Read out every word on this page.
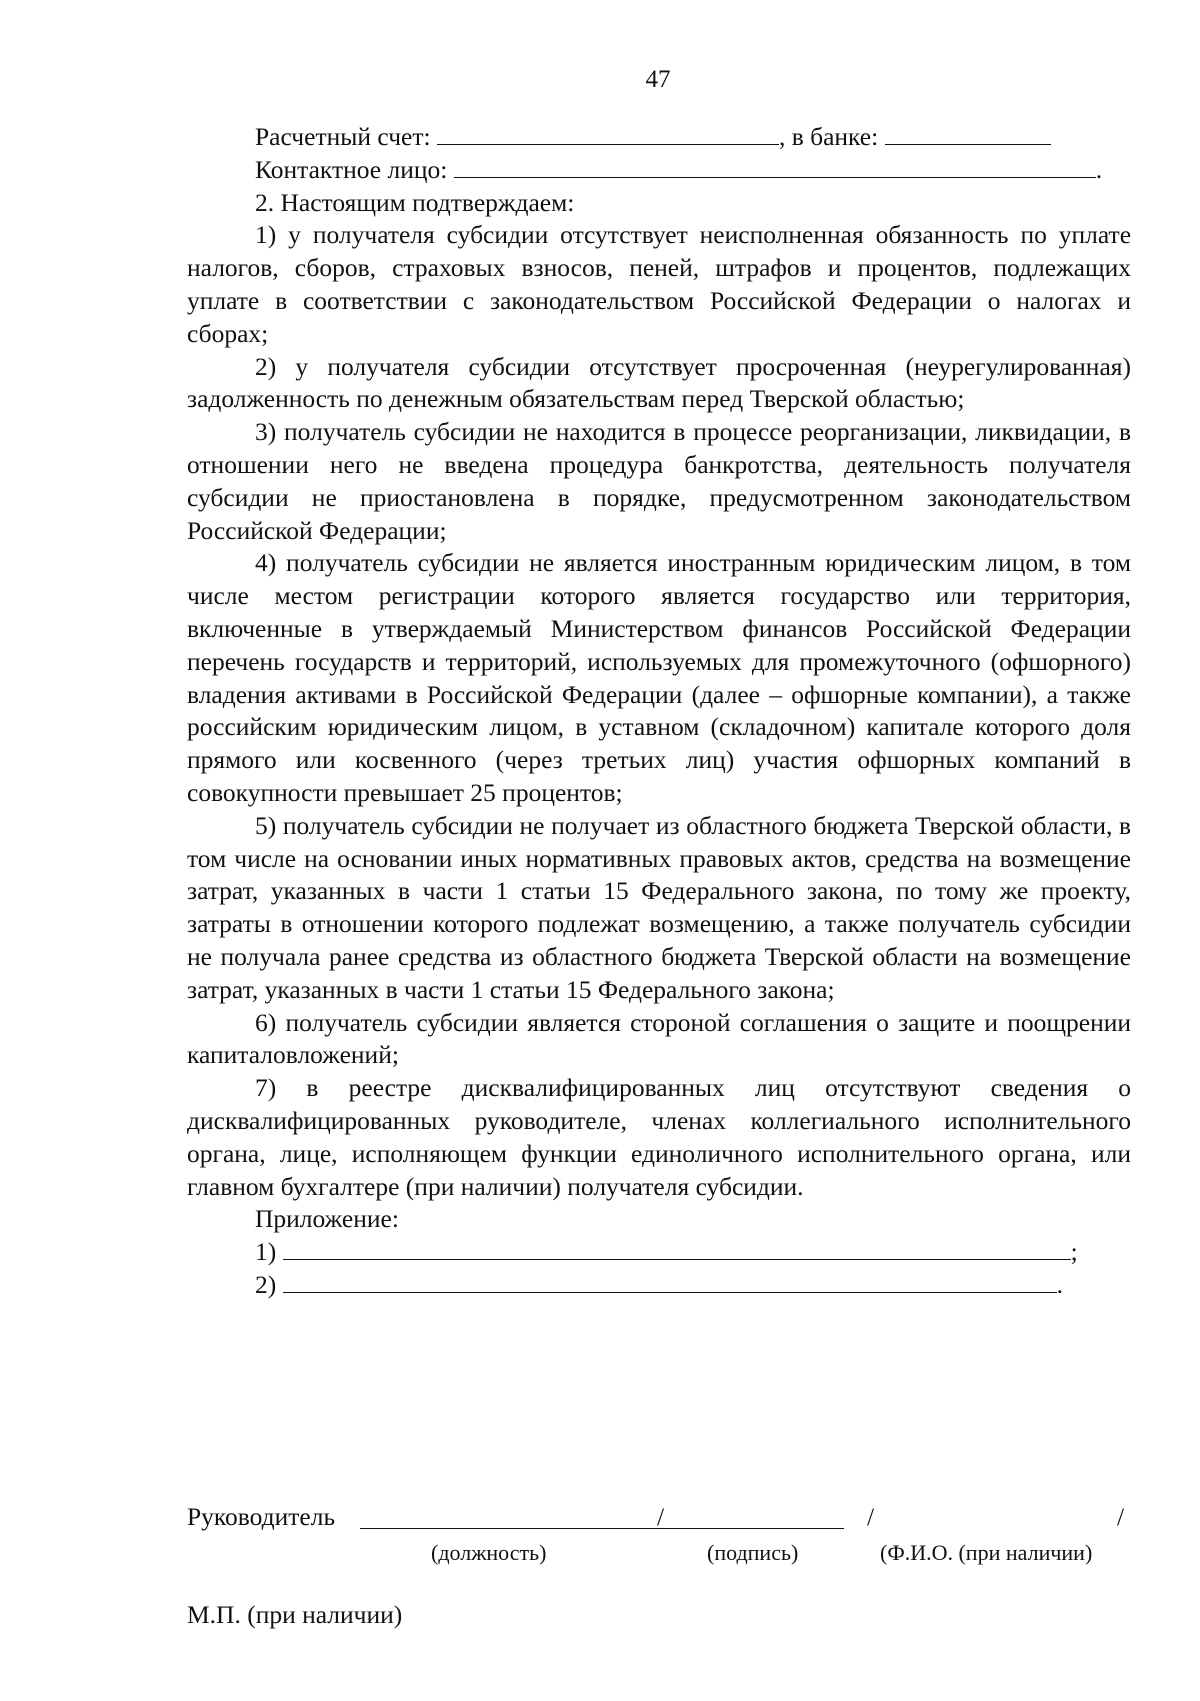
47
Расчетный счет:	, в банке:
Контактное лицо:	.
2. Настоящим подтверждаем:
1) у получателя субсидии отсутствует неисполненная обязанность по уплате налогов, сборов, страховых взносов, пеней, штрафов и процентов, подлежащих уплате в соответствии с законодательством Российской Федерации о налогах и сборах;
2) у получателя субсидии отсутствует просроченная (неурегулированная) задолженность по денежным обязательствам перед Тверской областью;
3) получатель субсидии не находится в процессе реорганизации, ликвидации, в отношении него не введена процедура банкротства, деятельность получателя субсидии не приостановлена в порядке, предусмотренном законодательством Российской Федерации;
4) получатель субсидии не является иностранным юридическим лицом, в том числе местом регистрации которого является государство или территория, включенные в утверждаемый Министерством финансов Российской Федерации перечень государств и территорий, используемых для промежуточного (офшорного) владения активами в Российской Федерации (далее – офшорные компании), а также российским юридическим лицом, в уставном (складочном) капитале которого доля прямого или косвенного (через третьих лиц) участия офшорных компаний в совокупности превышает 25 процентов;
5) получатель субсидии не получает из областного бюджета Тверской области, в том числе на основании иных нормативных правовых актов, средства на возмещение затрат, указанных в части 1 статьи 15 Федерального закона, по тому же проекту, затраты в отношении которого подлежат возмещению, а также получатель субсидии не получала ранее средства из областного бюджета Тверской области на возмещение затрат, указанных в части 1 статьи 15 Федерального закона;
6) получатель субсидии является стороной соглашения о защите и поощрении капиталовложений;
7) в реестре дисквалифицированных лиц отсутствуют сведения о дисквалифицированных руководителе, членах коллегиального исполнительного органа, лице, исполняющем функции единоличного исполнительного органа, или главном бухгалтере (при наличии) получателя субсидии.
Приложение:
1)	;
2)	.
Руководитель	/	/	/
(должность)	(подпись)	(Ф.И.О. (при наличии)
М.П. (при наличии)
